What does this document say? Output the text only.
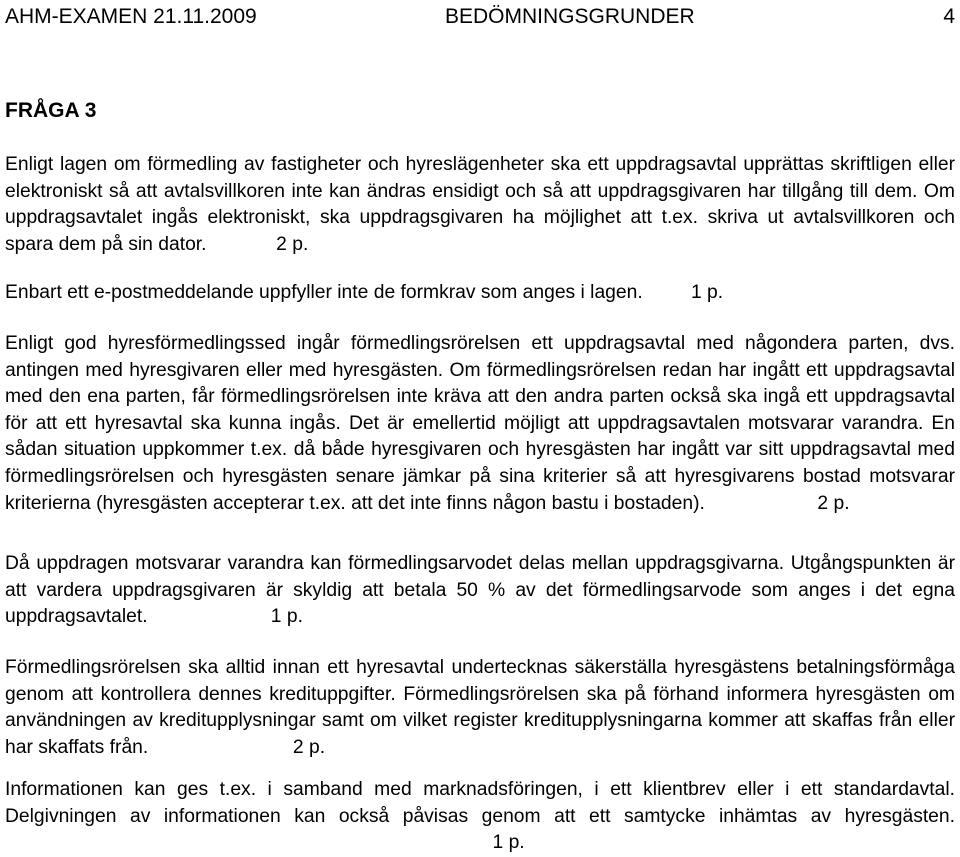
AHM-EXAMEN 21.11.2009	BEDÖMNINGSGRUNDER	4
FRÅGA 3

Enligt lagen om förmedling av fastigheter och hyreslägenheter ska ett uppdragsavtal upprättas skriftligen eller elektroniskt så att avtalsvillkoren inte kan ändras ensidigt och så att uppdragsgivaren har tillgång till dem. Om uppdragsavtalet ingås elektroniskt, ska uppdragsgivaren ha möjlighet att t.ex. skriva ut avtalsvillkoren och spara dem på sin dator.	2 p.

Enbart ett e-postmeddelande uppfyller inte de formkrav som anges i lagen. 1 p.

Enligt god hyresförmedlingssed ingår förmedlingsrörelsen ett uppdragsavtal med någondera parten, dvs. antingen med hyresgivaren eller med hyresgästen. Om förmedlingsrörelsen redan har ingått ett uppdragsavtal med den ena parten, får förmedlingsrörelsen inte kräva att den andra parten också ska ingå ett uppdragsavtal för att ett hyresavtal ska kunna ingås. Det är emellertid möjligt att uppdragsavtalen motsvarar varandra. En sådan situation uppkommer t.ex. då både hyresgivaren och hyresgästen har ingått var sitt uppdragsavtal med förmedlingsrörelsen och hyresgästen senare jämkar på sina kriterier så att hyresgivarens bostad motsvarar kriterierna (hyresgästen accepterar t.ex. att det inte finns någon bastu i bostaden).	2 p.

Då uppdragen motsvarar varandra kan förmedlingsarvodet delas mellan uppdragsgivarna. Utgångspunkten är att vardera uppdragsgivaren är skyldig att betala 50 % av det förmedlingsarvode som anges i det egna uppdragsavtalet.	1 p.

Förmedlingsrörelsen ska alltid innan ett hyresavtal undertecknas säkerställa hyresgästens betalningsförmåga genom att kontrollera dennes kredituppgifter. Förmedlingsrörelsen ska på förhand informera hyresgästen om användningen av kreditupplysningar samt om vilket register kreditupplysningarna kommer att skaffas från eller har skaffats från.	2 p.

Informationen kan ges t.ex. i samband med marknadsföringen, i ett klientbrev eller i ett standardavtal. Delgivningen av informationen kan också påvisas genom att ett samtycke inhämtas av hyresgästen.                                                                                            1 p.
